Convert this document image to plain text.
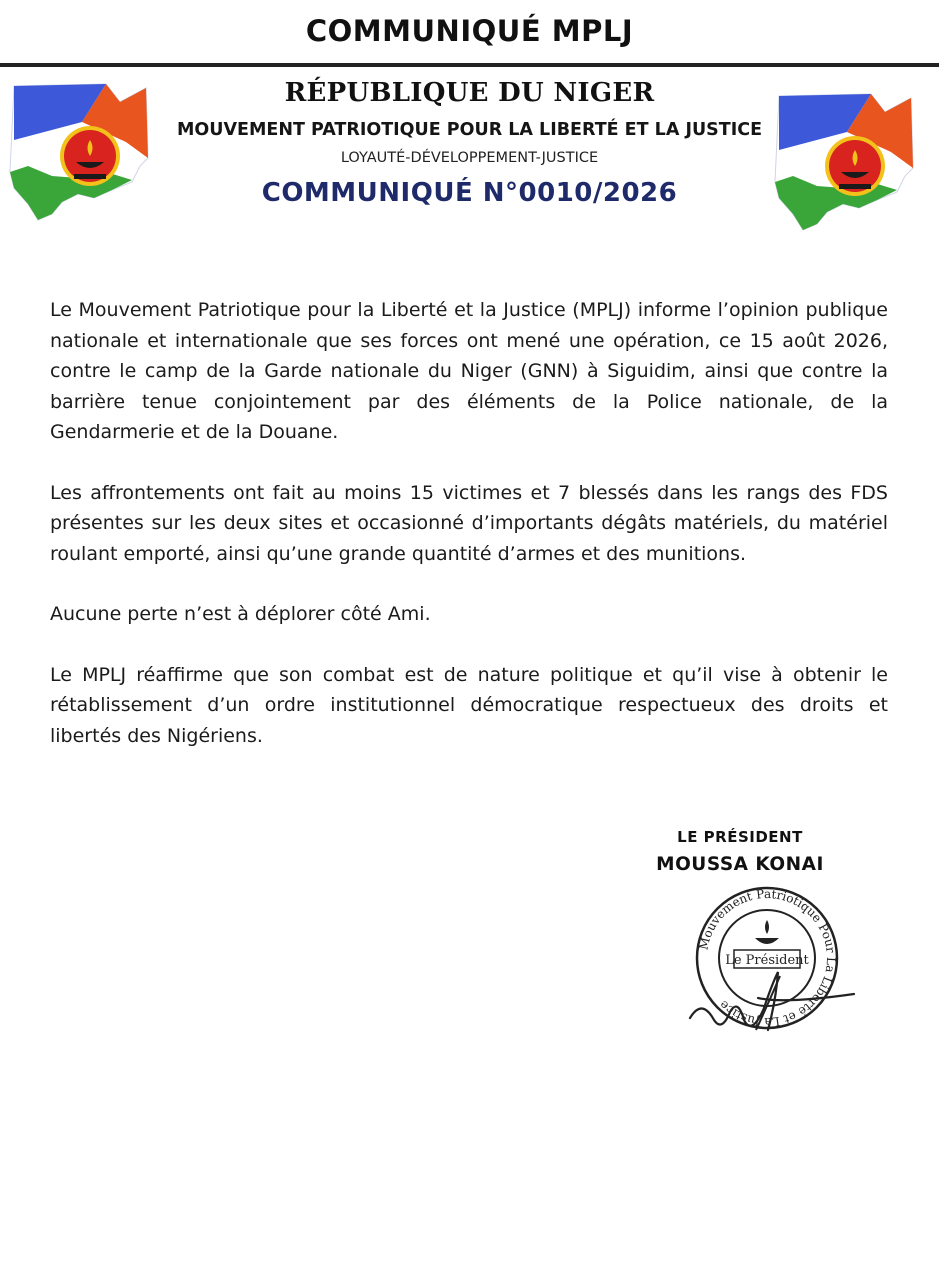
COMMUNIQUÉ MPLJ
RÉPUBLIQUE DU NIGER
MOUVEMENT PATRIOTIQUE POUR LA LIBERTÉ ET LA JUSTICE
LOYAUTÉ-DÉVELOPPEMENT-JUSTICE
COMMUNIQUÉ N°0010/2026

Le Mouvement Patriotique pour la Liberté et la Justice (MPLJ) informe l’opinion publique nationale et internationale que ses forces ont mené une opération, ce 15 août 2026, contre le camp de la Garde nationale du Niger (GNN) à Siguidim, ainsi que contre la barrière tenue conjointement par des éléments de la Police nationale, de la Gendarmerie et de la Douane.

Les affrontements ont fait au moins 15 victimes et 7 blessés dans les rangs des FDS présentes sur les deux sites et occasionné d’importants dégâts matériels, du matériel roulant emporté, ainsi qu’une grande quantité d’armes et des munitions.

Aucune perte n’est à déplorer côté Ami.

Le MPLJ réaffirme que son combat est de nature politique et qu’il vise à obtenir le rétablissement d’un ordre institutionnel démocratique respectueux des droits et libertés des Nigériens.

LE PRÉSIDENT
MOUSSA KONAI
Mouvement Patriotique Pour La Liberté et La Justice
Le Président
